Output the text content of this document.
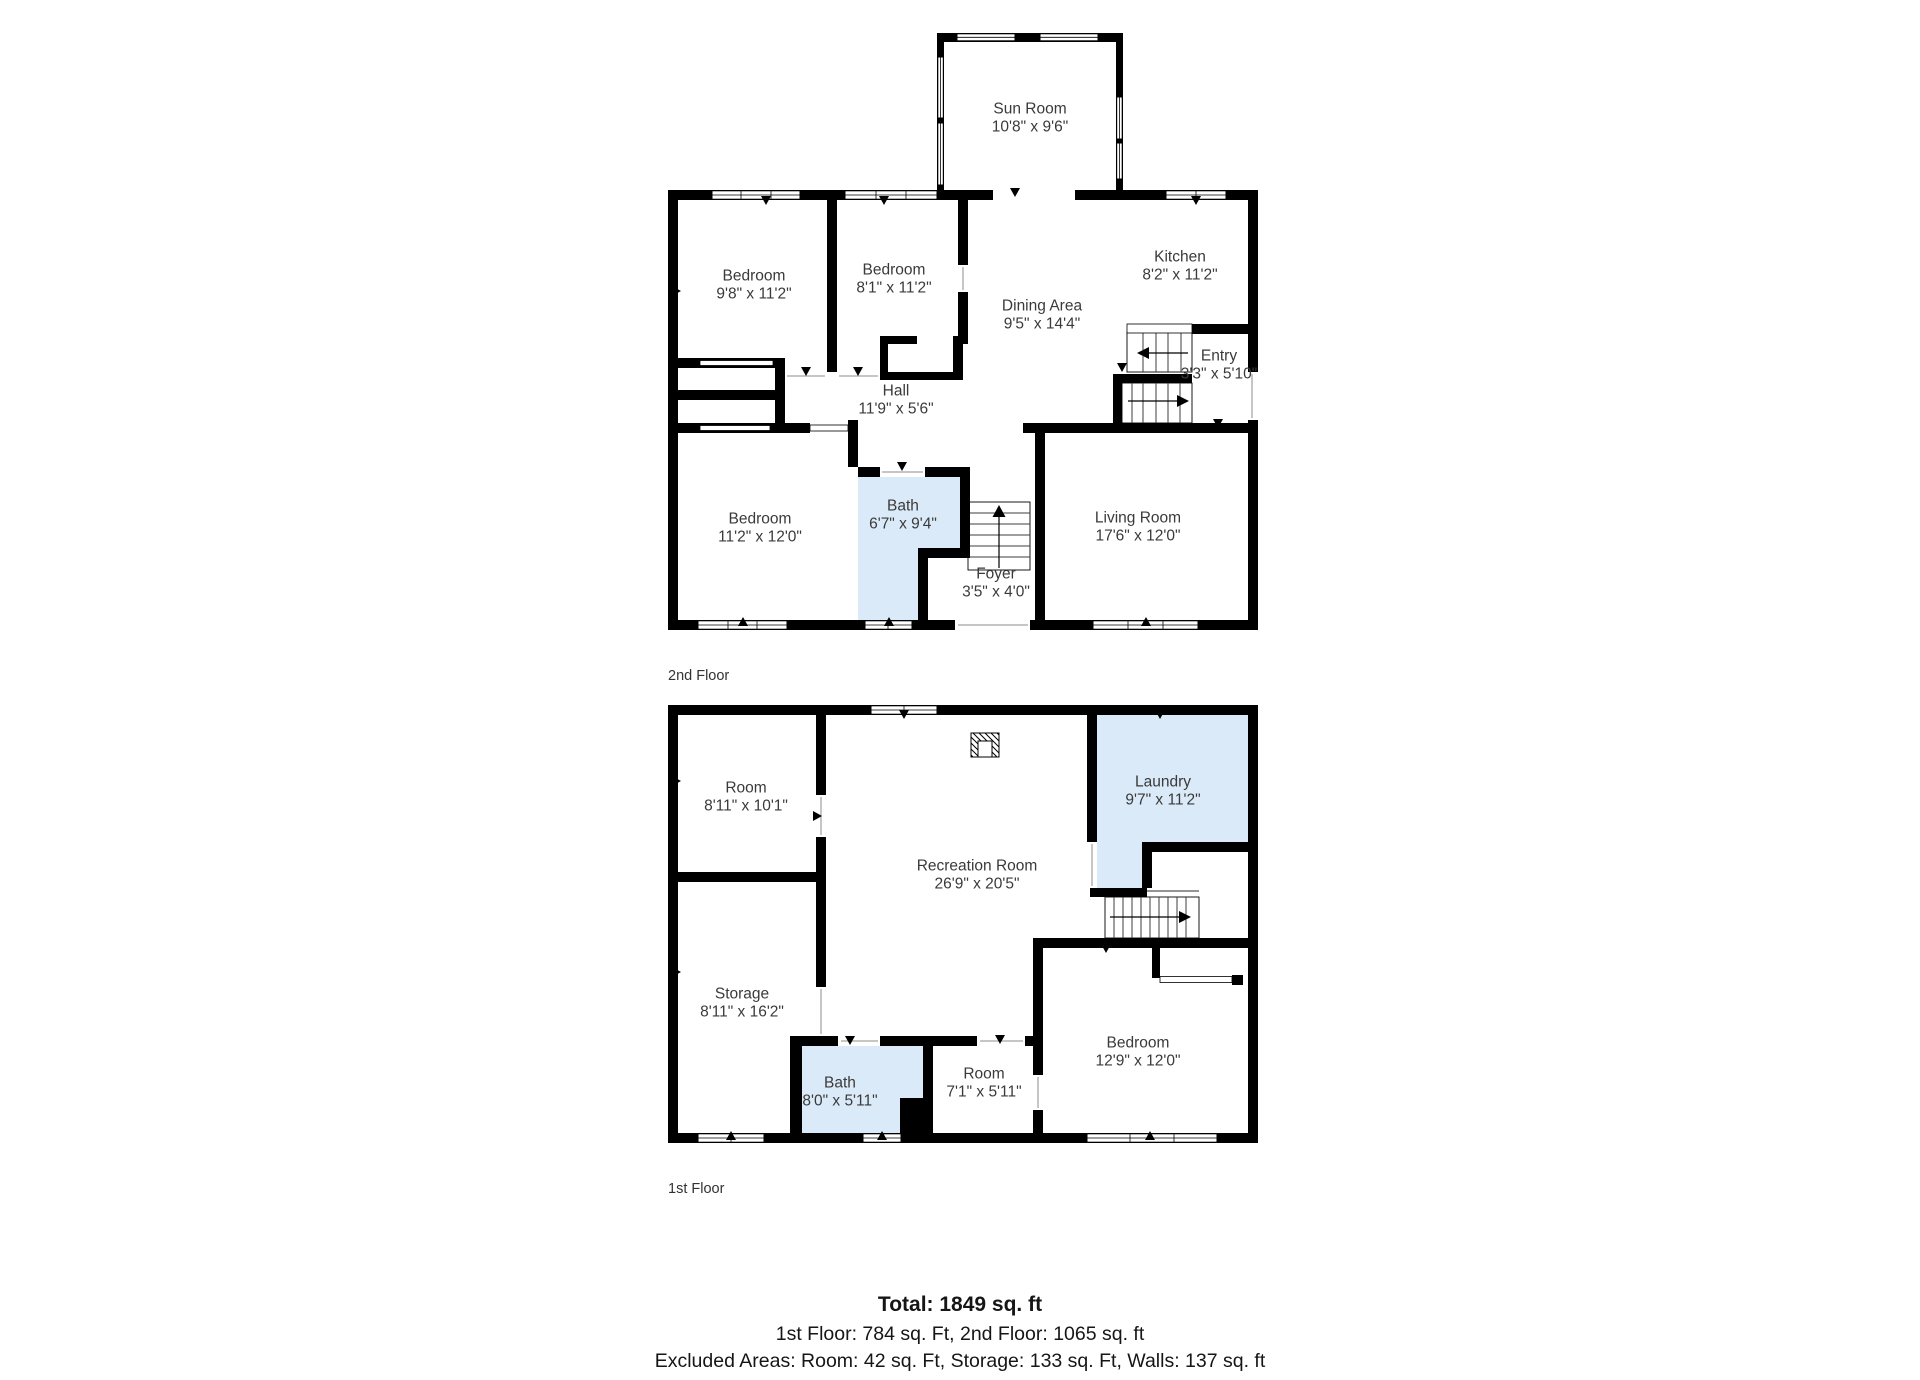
Sun Room
10'8" x 9'6"
Bedroom
9'8" x 11'2"
Bedroom
8'1" x 11'2"
Dining Area
9'5" x 14'4"
Kitchen
8'2" x 11'2"
Entry
3'3" x 5'10"
Hall
11'9" x 5'6"
Bedroom
11'2" x 12'0"
Bath
6'7" x 9'4"
Foyer
3'5" x 4'0"
Living Room
17'6" x 12'0"
Room
8'11" x 10'1"
Laundry
9'7" x 11'2"
Recreation Room
26'9" x 20'5"
Storage
8'11" x 16'2"
Bath
8'0" x 5'11"
Room
7'1" x 5'11"
Bedroom
12'9" x 12'0"
2nd Floor
1st Floor
Total: 1849 sq. ft
1st Floor: 784 sq. Ft, 2nd Floor: 1065 sq. ft
Excluded Areas: Room: 42 sq. Ft, Storage: 133 sq. Ft, Walls: 137 sq. ft
